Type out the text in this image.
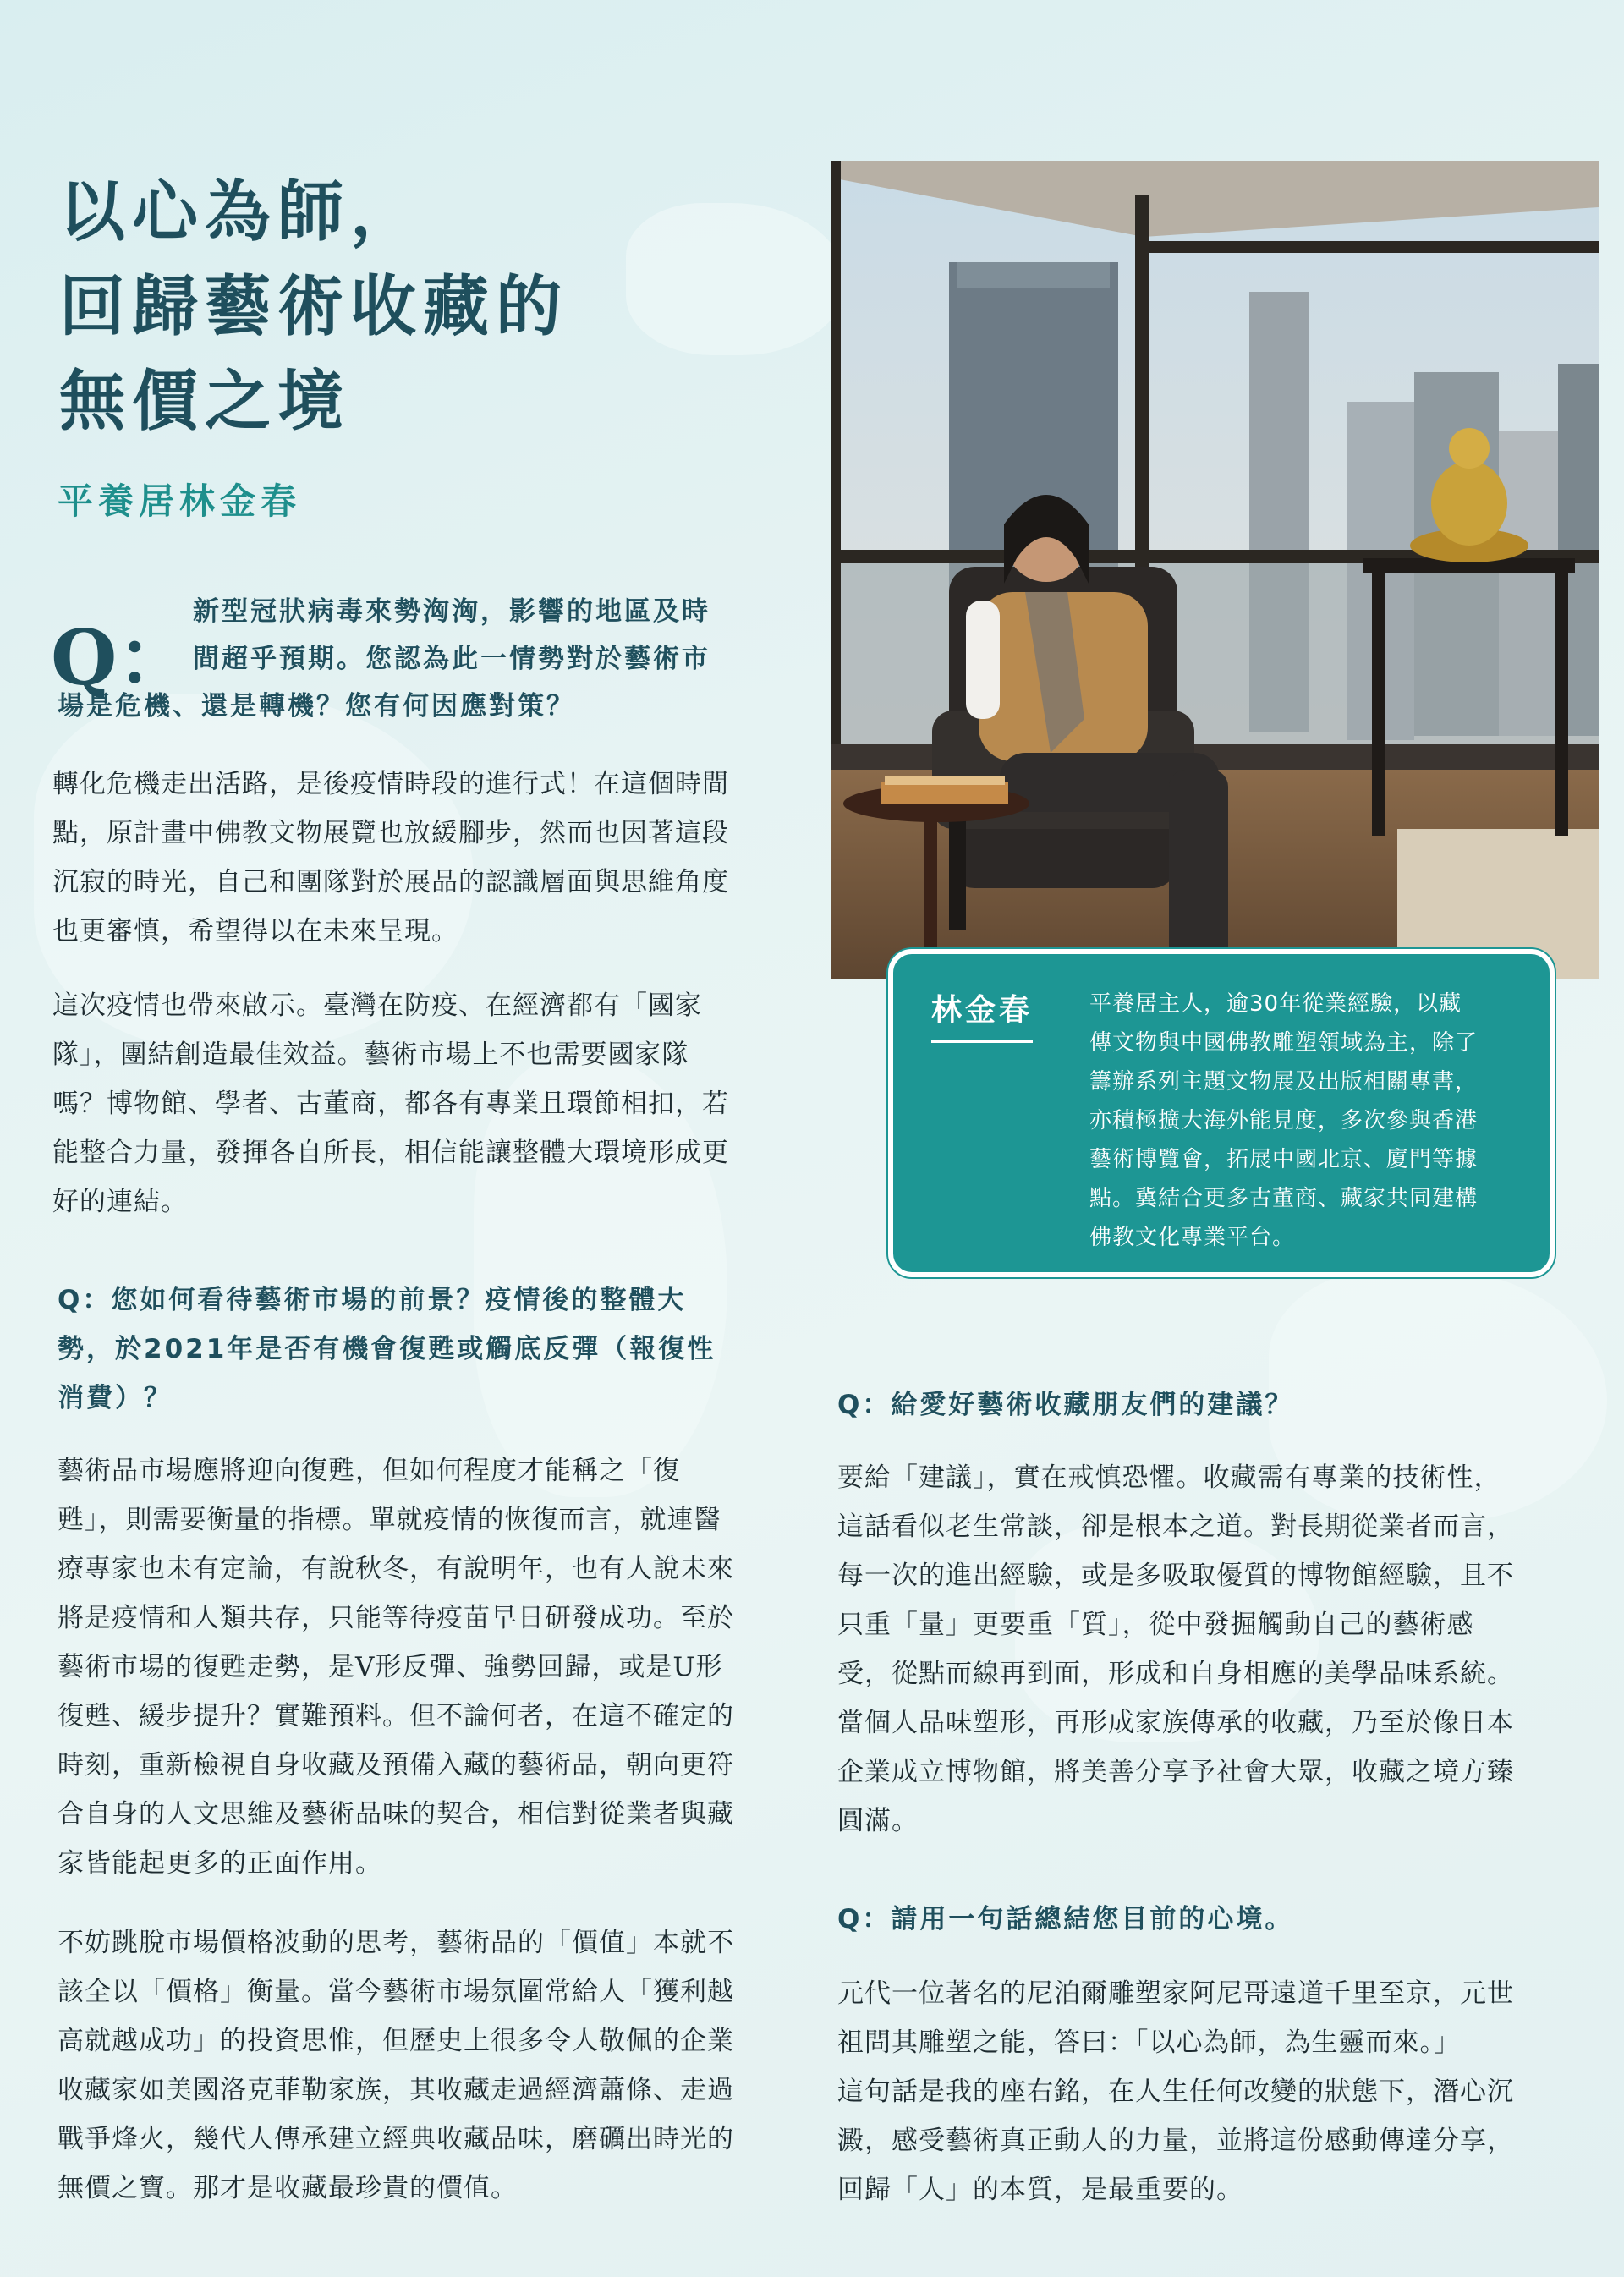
以心為師，
回歸藝術收藏的
無價之境
平養居林金春
Q：
新型冠狀病毒來勢洶洶，影響的地區及時
間超乎預期。您認為此一情勢對於藝術市
場是危機、還是轉機？您有何因應對策？
轉化危機走出活路，是後疫情時段的進行式！在這個時間
點，原計畫中佛教文物展覽也放緩腳步，然而也因著這段
沉寂的時光，自己和團隊對於展品的認識層面與思維角度
也更審慎，希望得以在未來呈現。
這次疫情也帶來啟示。臺灣在防疫、在經濟都有「國家
隊」，團結創造最佳效益。藝術市場上不也需要國家隊
嗎？博物館、學者、古董商，都各有專業且環節相扣，若
能整合力量，發揮各自所長，相信能讓整體大環境形成更
好的連結。
Q：您如何看待藝術市場的前景？疫情後的整體大
勢，於2021年是否有機會復甦或觸底反彈（報復性
消費）？
藝術品市場應將迎向復甦，但如何程度才能稱之「復
甦」，則需要衡量的指標。單就疫情的恢復而言，就連醫
療專家也未有定論，有說秋冬，有說明年，也有人說未來
將是疫情和人類共存，只能等待疫苗早日研發成功。至於
藝術市場的復甦走勢，是V形反彈、強勢回歸，或是U形
復甦、緩步提升？實難預料。但不論何者，在這不確定的
時刻，重新檢視自身收藏及預備入藏的藝術品，朝向更符
合自身的人文思維及藝術品味的契合，相信對從業者與藏
家皆能起更多的正面作用。
不妨跳脫市場價格波動的思考，藝術品的「價值」本就不
該全以「價格」衡量。當今藝術市場氛圍常給人「獲利越
高就越成功」的投資思惟，但歷史上很多令人敬佩的企業
收藏家如美國洛克菲勒家族，其收藏走過經濟蕭條、走過
戰爭烽火，幾代人傳承建立經典收藏品味，磨礪出時光的
無價之寶。那才是收藏最珍貴的價值。
林金春	平養居主人，逾30年從業經驗，以藏
傳文物與中國佛教雕塑領域為主，除了
籌辦系列主題文物展及出版相關專書，
亦積極擴大海外能見度，多次參與香港
藝術博覽會，拓展中國北京、廈門等據
點。冀結合更多古董商、藏家共同建構
佛教文化專業平台。
Q：給愛好藝術收藏朋友們的建議？
要給「建議」，實在戒慎恐懼。收藏需有專業的技術性，
這話看似老生常談，卻是根本之道。對長期從業者而言，
每一次的進出經驗，或是多吸取優質的博物館經驗，且不
只重「量」更要重「質」，從中發掘觸動自己的藝術感
受，從點而線再到面，形成和自身相應的美學品味系統。
當個人品味塑形，再形成家族傳承的收藏，乃至於像日本
企業成立博物館，將美善分享予社會大眾，收藏之境方臻
圓滿。
Q：請用一句話總結您目前的心境。
元代一位著名的尼泊爾雕塑家阿尼哥遠道千里至京，元世
祖問其雕塑之能，答曰：「以心為師，為生靈而來。」
這句話是我的座右銘，在人生任何改變的狀態下，潛心沉
澱，感受藝術真正動人的力量，並將這份感動傳達分享，
回歸「人」的本質，是最重要的。
